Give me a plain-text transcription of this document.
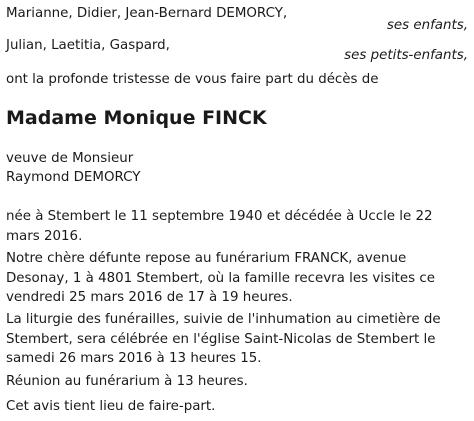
Marianne, Didier, Jean-Bernard DEMORCY,
ses enfants,
Julian, Laetitia, Gaspard,
ses petits-enfants,
ont la profonde tristesse de vous faire part du décès de
Madame Monique FINCK
veuve de Monsieur
Raymond DEMORCY
née à Stembert le 11 septembre 1940 et décédée à Uccle le 22 mars 2016.
Notre chère défunte repose au funérarium FRANCK, avenue Desonay, 1 à 4801 Stembert, où la famille recevra les visites ce vendredi 25 mars 2016 de 17 à 19 heures.
La liturgie des funérailles, suivie de l'inhumation au cimetière de Stembert, sera célébrée en l'église Saint-Nicolas de Stembert le samedi 26 mars 2016 à 13 heures 15.
Réunion au funérarium à 13 heures.
Cet avis tient lieu de faire-part.
